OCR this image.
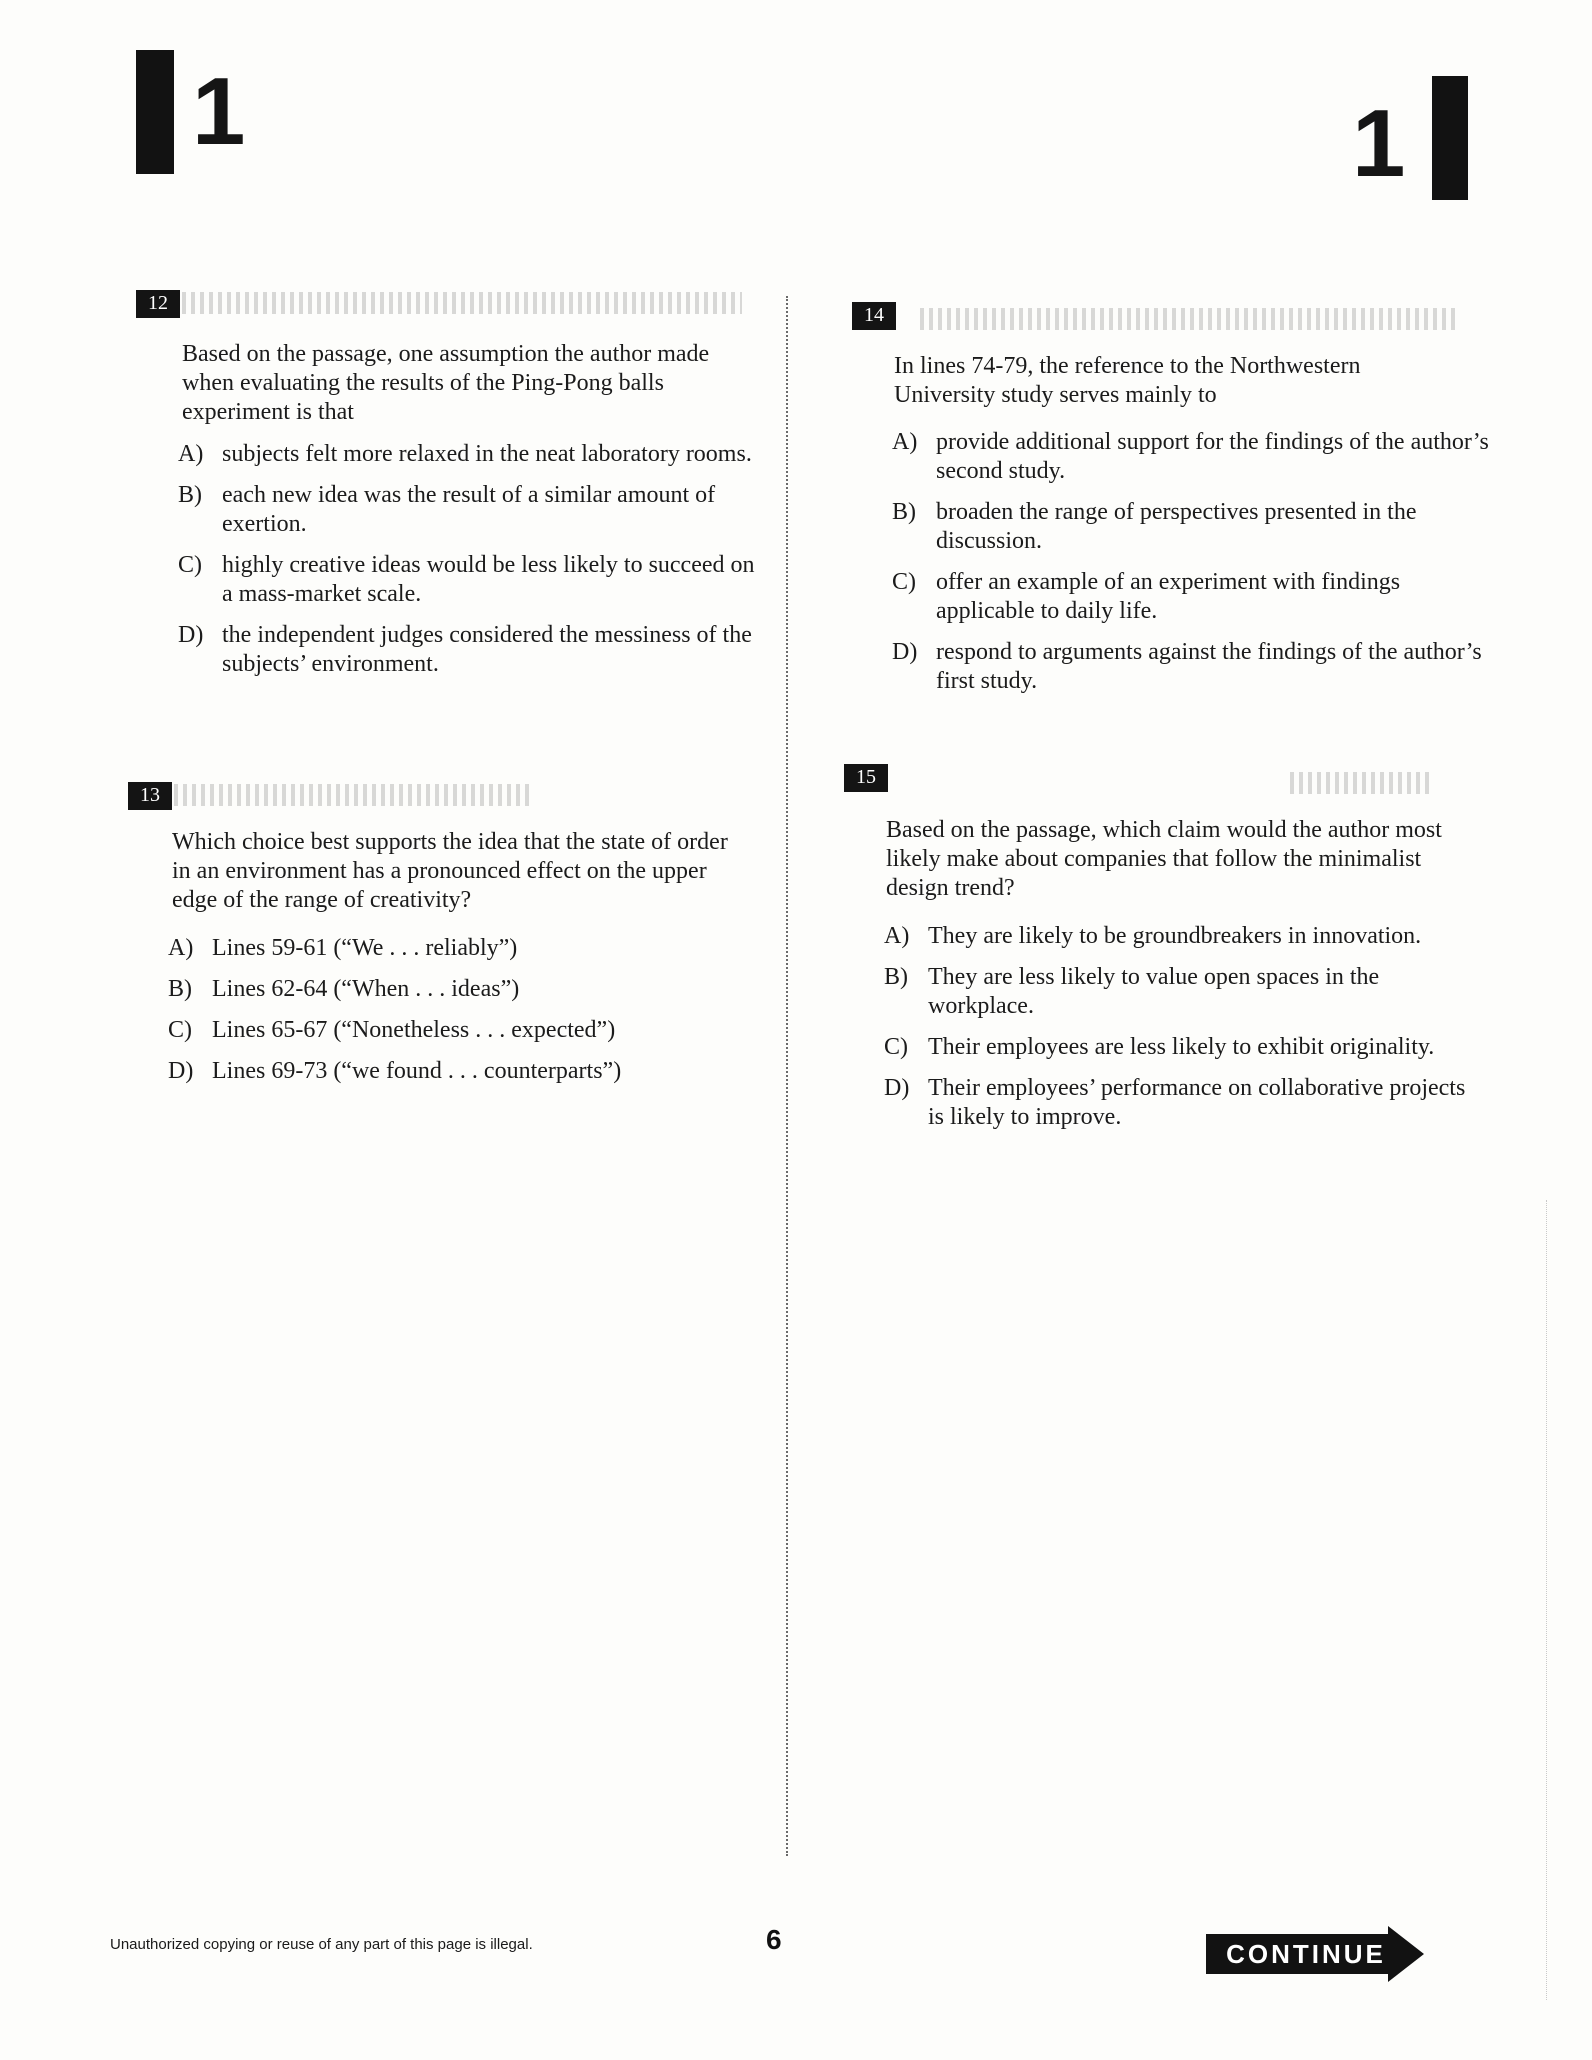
1	1
12

Based on the passage, one assumption the author made when evaluating the results of the Ping-Pong balls experiment is that

A) subjects felt more relaxed in the neat laboratory rooms.
B) each new idea was the result of a similar amount of exertion.
C) highly creative ideas would be less likely to succeed on a mass-market scale.
D) the independent judges considered the messiness of the subjects’ environment.
13

Which choice best supports the idea that the state of order in an environment has a pronounced effect on the upper edge of the range of creativity?

A) Lines 59-61 (“We . . . reliably”)
B) Lines 62-64 (“When . . . ideas”)
C) Lines 65-67 (“Nonetheless . . . expected”)
D) Lines 69-73 (“we found . . . counterparts”)
14

In lines 74-79, the reference to the Northwestern University study serves mainly to

A) provide additional support for the findings of the author’s second study.
B) broaden the range of perspectives presented in the discussion.
C) offer an example of an experiment with findings applicable to daily life.
D) respond to arguments against the findings of the author’s first study.
15

Based on the passage, which claim would the author most likely make about companies that follow the minimalist design trend?

A) They are likely to be groundbreakers in innovation.
B) They are less likely to value open spaces in the workplace.
C) Their employees are less likely to exhibit originality.
D) Their employees’ performance on collaborative projects is likely to improve.
Unauthorized copying or reuse of any part of this page is illegal.	6	CONTINUE
